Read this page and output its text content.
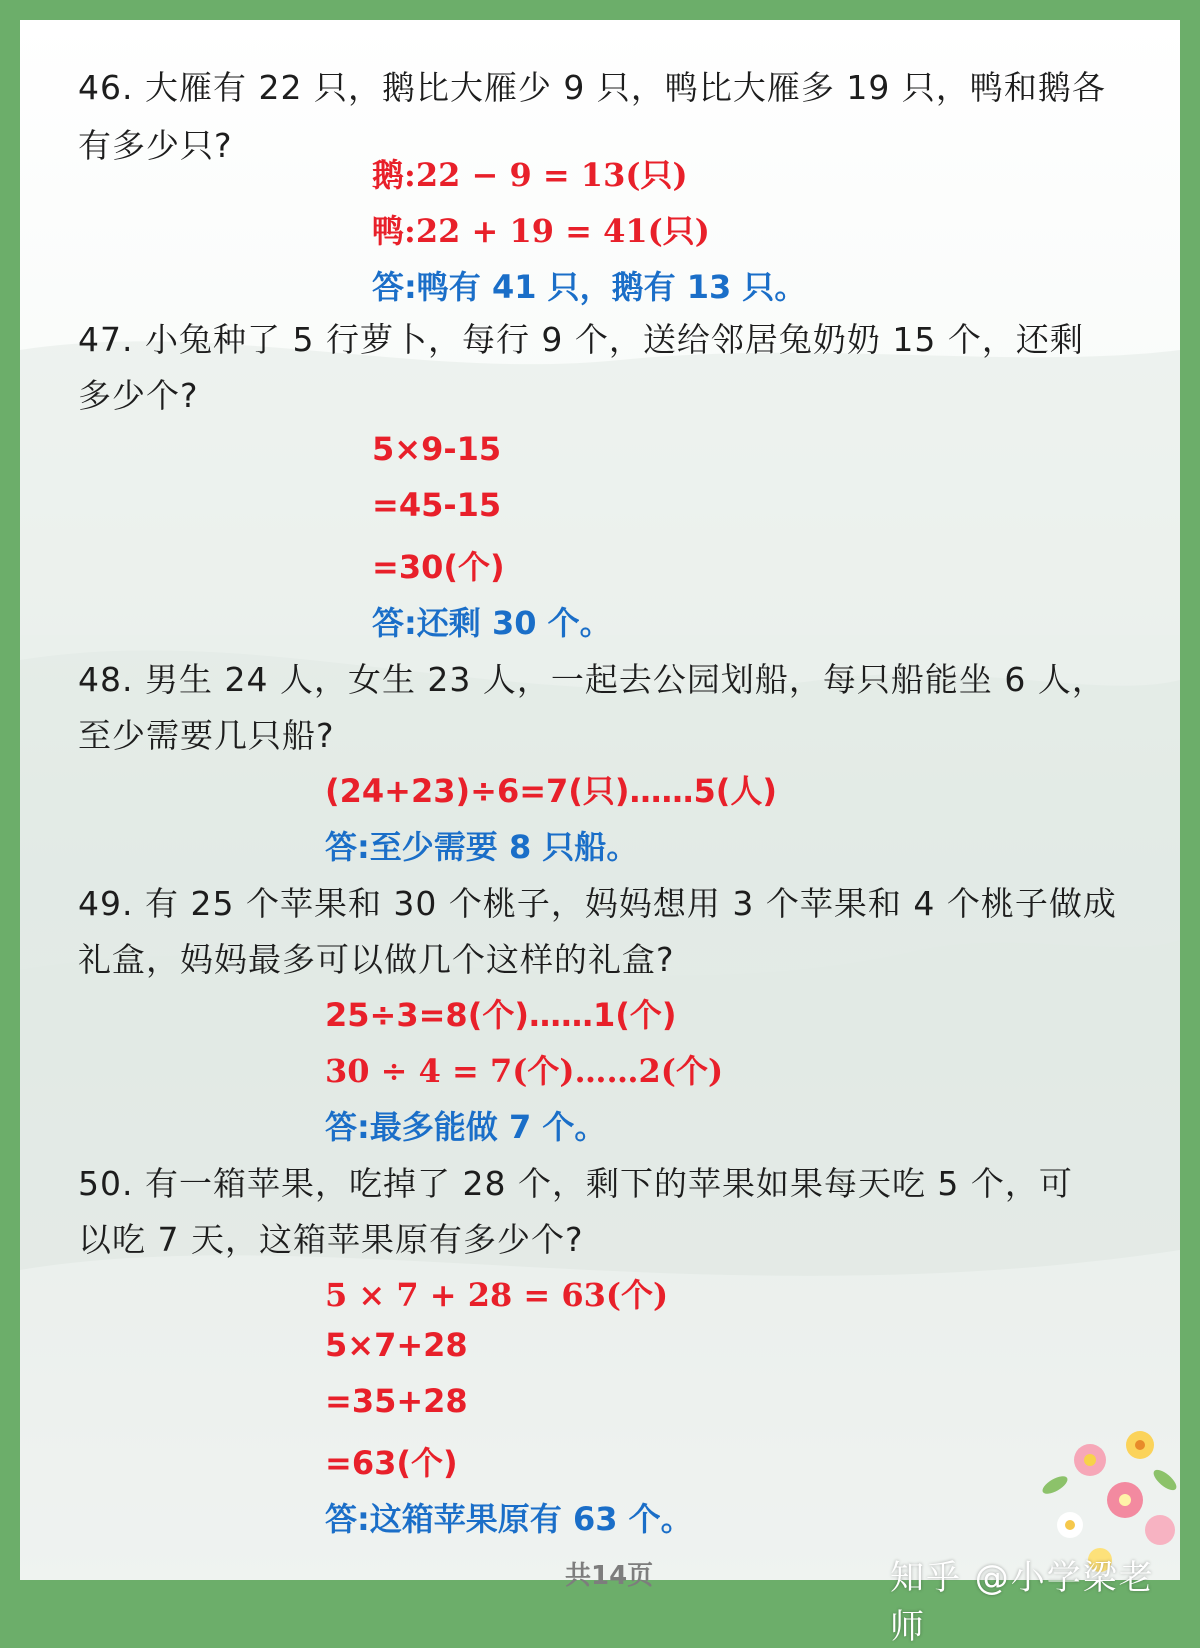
46. 大雁有 22 只，鹅比大雁少 9 只，鸭比大雁多 19 只，鸭和鹅各
有多少只?
鹅:22 − 9 = 13(只)
鸭:22 + 19 = 41(只)
答:鸭有 41 只，鹅有 13 只。
47. 小兔种了 5 行萝卜，每行 9 个，送给邻居兔奶奶 15 个，还剩
多少个?
5×9-15
=45-15
=30(个)
答:还剩 30 个。
48. 男生 24 人，女生 23 人，一起去公园划船，每只船能坐 6 人，
至少需要几只船?
(24+23)÷6=7(只)……5(人)
答:至少需要 8 只船。
49. 有 25 个苹果和 30 个桃子，妈妈想用 3 个苹果和 4 个桃子做成
礼盒，妈妈最多可以做几个这样的礼盒?
25÷3=8(个)……1(个)
30 ÷ 4 = 7(个)……2(个)
答:最多能做 7 个。
50. 有一箱苹果，吃掉了 28 个，剩下的苹果如果每天吃 5 个，可
以吃 7 天，这箱苹果原有多少个?
5 × 7 + 28 = 63(个)
5×7+28
=35+28
=63(个)
答:这箱苹果原有 63 个。
共14页	知乎 @小学梁老师
